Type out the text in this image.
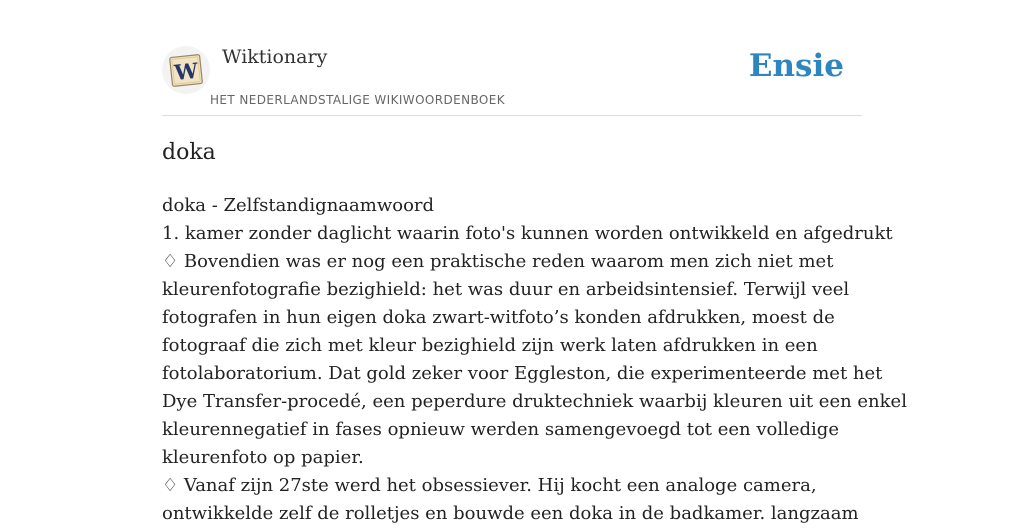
W
Wiktionary
HET NEDERLANDSTALIGE WIKIWOORDENBOEK
Ensie
doka
doka - Zelfstandignaamwoord
1. kamer zonder daglicht waarin foto's kunnen worden ontwikkeld en afgedrukt
♢ Bovendien was er nog een praktische reden waarom men zich niet met
kleurenfotografie bezighield: het was duur en arbeidsintensief. Terwijl veel
fotografen in hun eigen doka zwart-witfoto’s konden afdrukken, moest de
fotograaf die zich met kleur bezighield zijn werk laten afdrukken in een
fotolaboratorium. Dat gold zeker voor Eggleston, die experimenteerde met het
Dye Transfer-procedé, een peperdure druktechniek waarbij kleuren uit een enkel
kleurennegatief in fases opnieuw werden samengevoegd tot een volledige
kleurenfoto op papier.
♢ Vanaf zijn 27ste werd het obsessiever. Hij kocht een analoge camera,
ontwikkelde zelf de rolletjes en bouwde een doka in de badkamer. langzaam
